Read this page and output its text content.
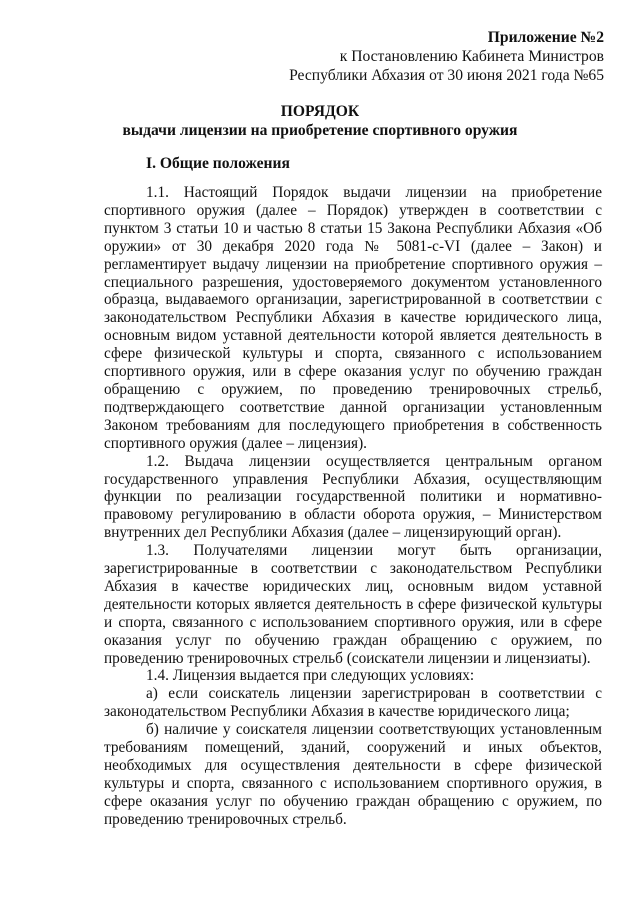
Приложение №2
к Постановлению Кабинета Министров
Республики Абхазия от 30 июня 2021 года №65
ПОРЯДОК
выдачи лицензии на приобретение спортивного оружия
I. Общие положения

1.1. Настоящий Порядок выдачи лицензии на приобретение спортивного оружия (далее – Порядок) утвержден в соответствии с пунктом 3 статьи 10 и частью 8 статьи 15 Закона Республики Абхазия «Об оружии» от 30 декабря 2020 года № 5081-с-VI (далее – Закон) и регламентирует выдачу лицензии на приобретение спортивного оружия – специального разрешения, удостоверяемого документом установленного образца, выдаваемого организации, зарегистрированной в соответствии с законодательством Республики Абхазия в качестве юридического лица, основным видом уставной деятельности которой является деятельность в сфере физической культуры и спорта, связанного с использованием спортивного оружия, или в сфере оказания услуг по обучению граждан обращению с оружием, по проведению тренировочных стрельб, подтверждающего соответствие данной организации установленным Законом требованиям для последующего приобретения в собственность спортивного оружия (далее – лицензия).

1.2. Выдача лицензии осуществляется центральным органом государственного управления Республики Абхазия, осуществляющим функции по реализации государственной политики и нормативно-правовому регулированию в области оборота оружия, – Министерством внутренних дел Республики Абхазия (далее – лицензирующий орган).

1.3. Получателями лицензии могут быть организации, зарегистрированные в соответствии с законодательством Республики Абхазия в качестве юридических лиц, основным видом уставной деятельности которых является деятельность в сфере физической культуры и спорта, связанного с использованием спортивного оружия, или в сфере оказания услуг по обучению граждан обращению с оружием, по проведению тренировочных стрельб (соискатели лицензии и лицензиаты).

1.4. Лицензия выдается при следующих условиях:

а) если соискатель лицензии зарегистрирован в соответствии с законодательством Республики Абхазия в качестве юридического лица;

б) наличие у соискателя лицензии соответствующих установленным требованиям помещений, зданий, сооружений и иных объектов, необходимых для осуществления деятельности в сфере физической культуры и спорта, связанного с использованием спортивного оружия, в сфере оказания услуг по обучению граждан обращению с оружием, по проведению тренировочных стрельб.
